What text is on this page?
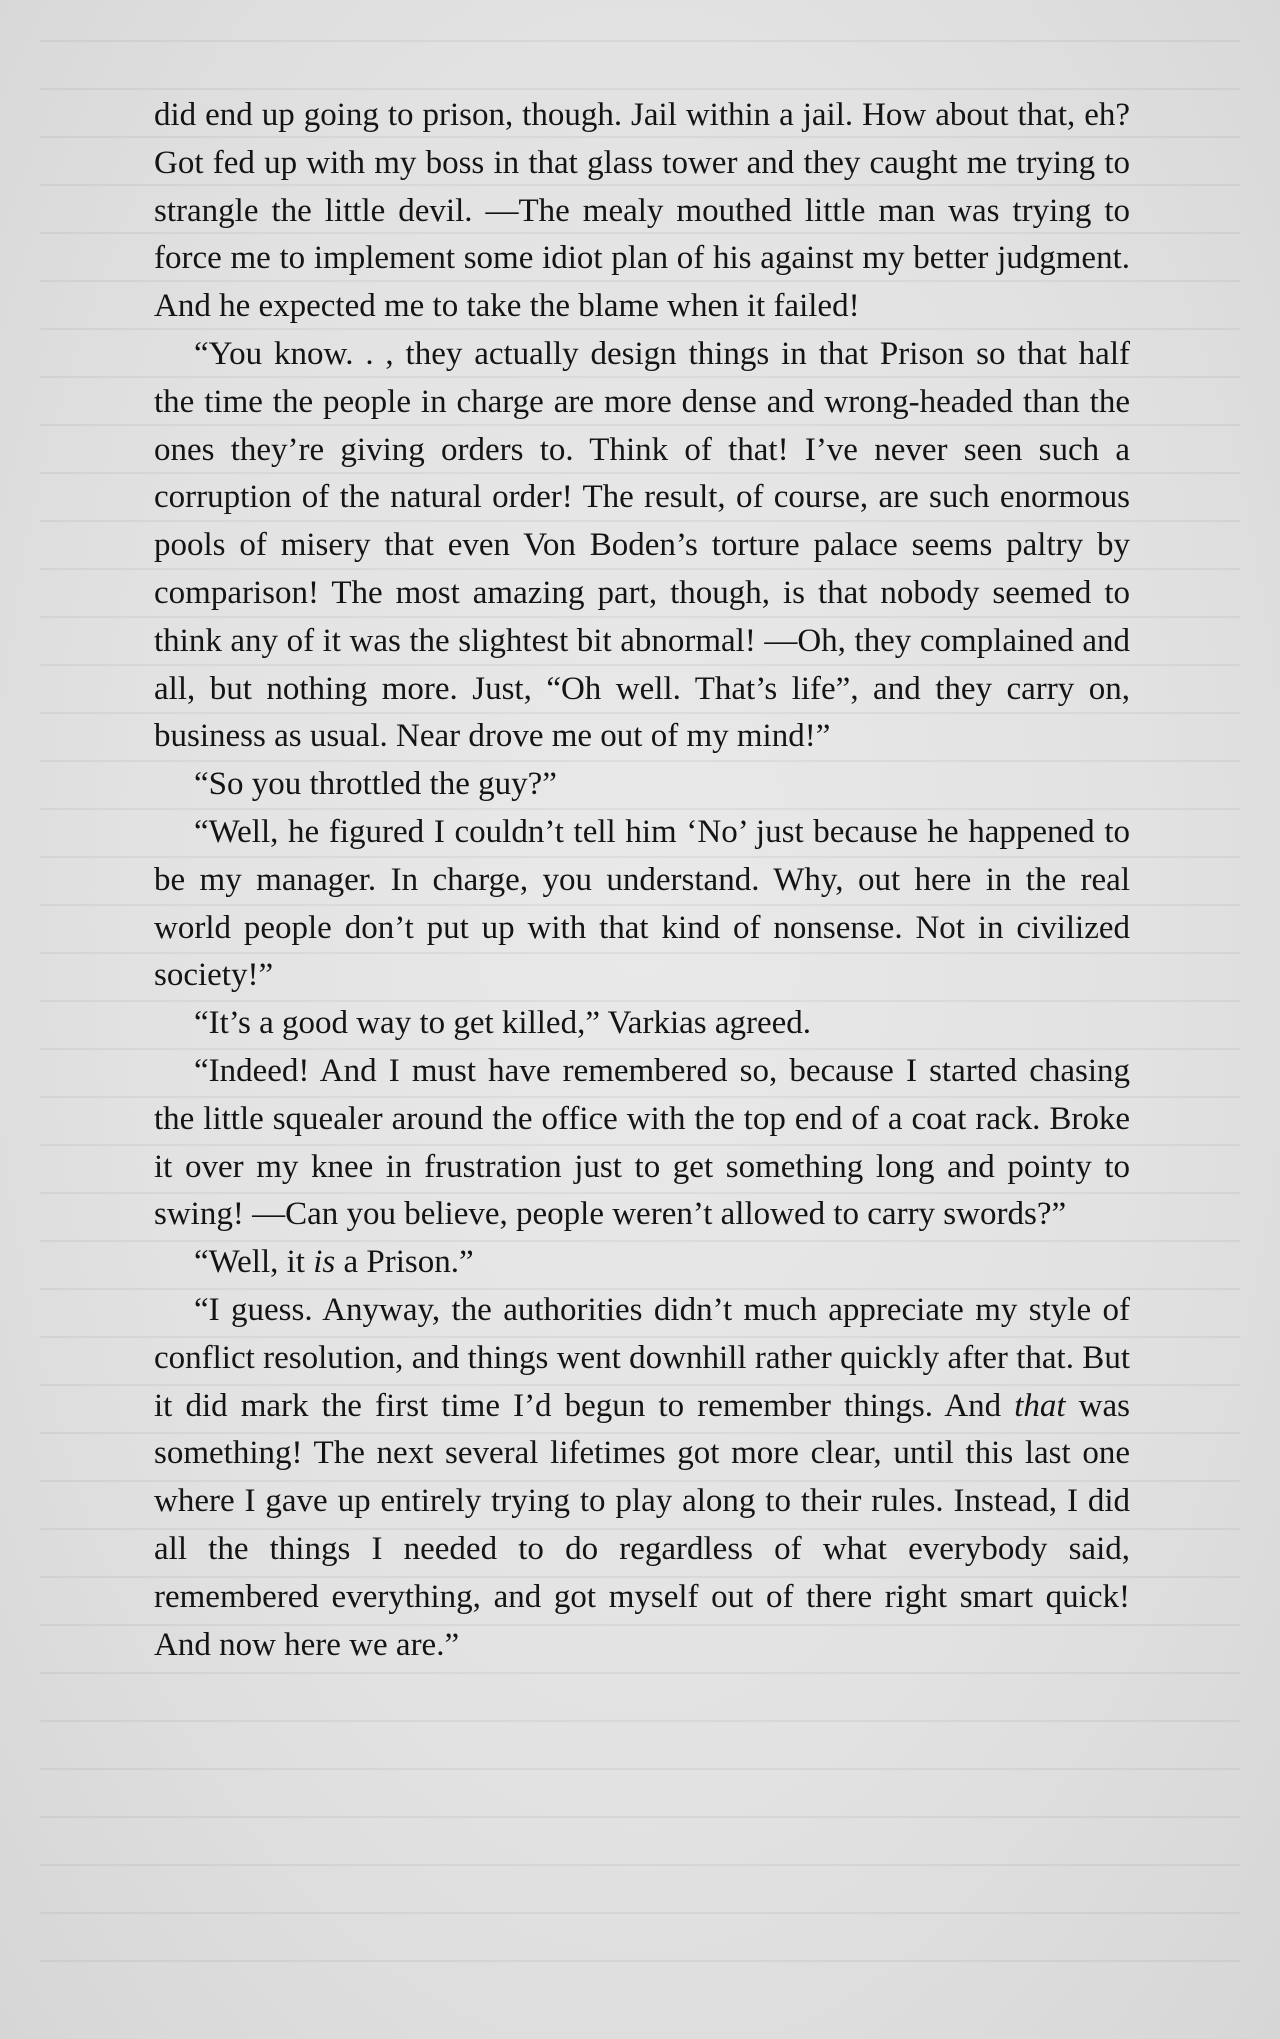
did end up going to prison, though. Jail within a jail. How about that, eh? Got fed up with my boss in that glass tower and they caught me trying to strangle the little devil. —The mealy mouthed little man was trying to force me to implement some idiot plan of his against my better judgment. And he expected me to take the blame when it failed!

“You know. . , they actually design things in that Prison so that half the time the people in charge are more dense and wrong-headed than the ones they’re giving orders to. Think of that! I’ve never seen such a corruption of the natural order! The result, of course, are such enormous pools of misery that even Von Boden’s torture palace seems paltry by comparison! The most amazing part, though, is that nobody seemed to think any of it was the slightest bit abnormal! —Oh, they complained and all, but nothing more. Just, “Oh well. That’s life”, and they carry on, business as usual. Near drove me out of my mind!”

“So you throttled the guy?”

“Well, he figured I couldn’t tell him ‘No’ just because he happened to be my manager. In charge, you understand. Why, out here in the real world people don’t put up with that kind of nonsense. Not in civilized society!”

“It’s a good way to get killed,” Varkias agreed.

“Indeed! And I must have remembered so, because I started chasing the little squealer around the office with the top end of a coat rack. Broke it over my knee in frustration just to get something long and pointy to swing! —Can you believe, people weren’t allowed to carry swords?”

“Well, it is a Prison.”

“I guess. Anyway, the authorities didn’t much appreciate my style of conflict resolution, and things went downhill rather quickly after that. But it did mark the first time I’d begun to remember things. And that was something! The next several lifetimes got more clear, until this last one where I gave up entirely trying to play along to their rules. Instead, I did all the things I needed to do regardless of what everybody said, remembered everything, and got myself out of there right smart quick! And now here we are.”
